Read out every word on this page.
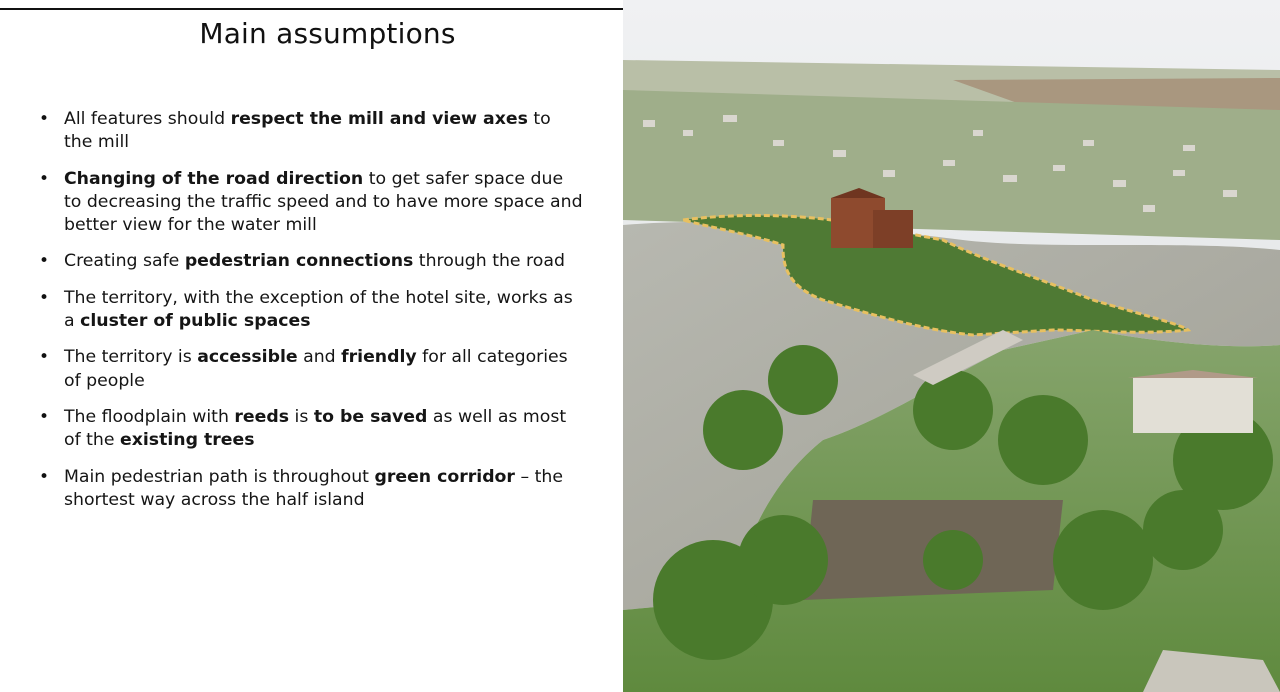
Main assumptions
• All features should respect the mill and view axes to the mill
• Changing of the road direction to get safer space due to decreasing the traffic speed and to have more space and better view for the water mill
• Creating safe pedestrian connections through the road
• The territory, with the exception of the hotel site, works as a cluster of public spaces
• The territory is accessible and friendly for all categories of people
• The floodplain with reeds is to be saved as well as most of the existing trees
• Main pedestrian path is throughout green corridor – the shortest way across the half island
